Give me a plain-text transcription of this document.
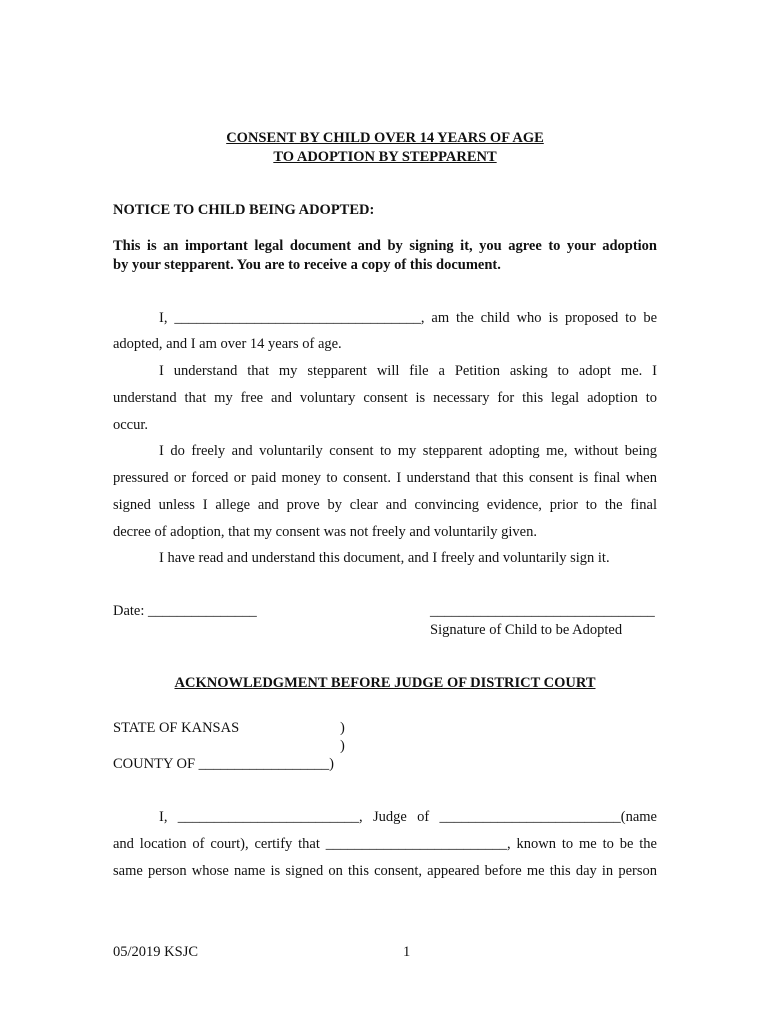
CONSENT BY CHILD OVER 14 YEARS OF AGE
TO ADOPTION BY STEPPARENT
NOTICE TO CHILD BEING ADOPTED:
This is an important legal document and by signing it, you agree to your adoption
by your stepparent. You are to receive a copy of this document.
I, __________________________________, am the child who is proposed to be
adopted, and I am over 14 years of age.
I understand that my stepparent will file a Petition asking to adopt me. I
understand that my free and voluntary consent is necessary for this legal adoption to
occur.
I do freely and voluntarily consent to my stepparent adopting me, without being
pressured or forced or paid money to consent. I understand that this consent is final when
signed unless I allege and prove by clear and convincing evidence, prior to the final
decree of adoption, that my consent was not freely and voluntarily given.
I have read and understand this document, and I freely and voluntarily sign it.
Date: _______________	_______________________________
Signature of Child to be Adopted
ACKNOWLEDGMENT BEFORE JUDGE OF DISTRICT COURT
STATE OF KANSAS	)
)
COUNTY OF __________________)
I, _________________________, Judge of _________________________(name
and location of court), certify that _________________________, known to me to be the
same person whose name is signed on this consent, appeared before me this day in person
05/2019 KSJC	1
